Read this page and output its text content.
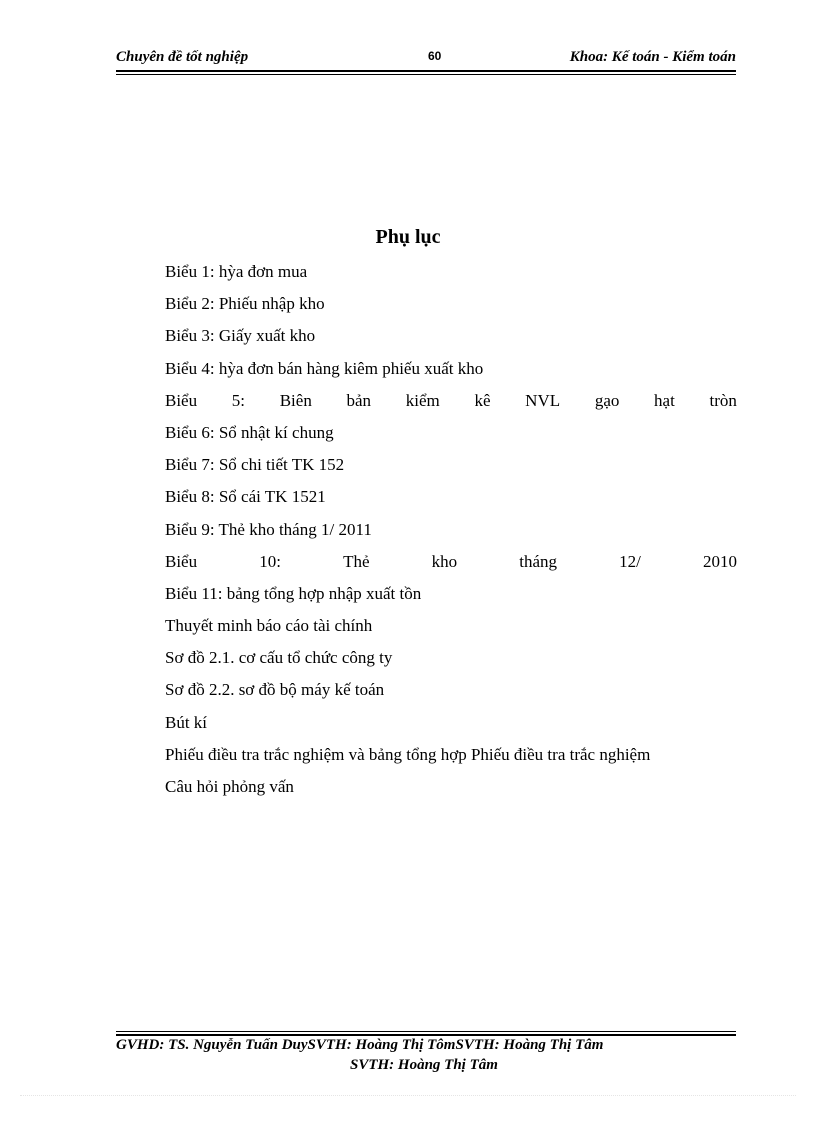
Chuyên đề tốt nghiệp	60	Khoa: Kế toán - Kiểm toán
Phụ lục
Biểu 1: hỳa đơn mua
Biểu 2: Phiếu nhập kho
Biểu 3: Giấy xuất kho
Biểu 4: hỳa đơn bán hàng kiêm phiếu xuất kho
Biểu 5: Biên bản kiểm kê NVL gạo hạt tròn
Biểu 6: Sổ nhật kí chung
Biểu 7: Sổ chi tiết TK 152
Biểu 8: Sổ cái TK 1521
Biểu 9: Thẻ kho tháng 1/ 2011
Biểu	10:	Thẻ	kho	tháng	12/	2010
Biểu 11: bảng tổng hợp nhập xuất tồn
Thuyết minh báo cáo tài chính
Sơ đồ 2.1. cơ cấu tổ chức công ty
Sơ đồ 2.2. sơ đồ bộ máy kế toán
Bút kí
Phiếu điều tra trắc nghiệm và bảng tổng hợp Phiếu điều tra trắc nghiệm
Câu hỏi phỏng vấn
GVHD: TS. Nguyễn Tuấn DuySVTH: Hoàng Thị TômSVTH: Hoàng Thị Tâm
SVTH: Hoàng Thị Tâm
